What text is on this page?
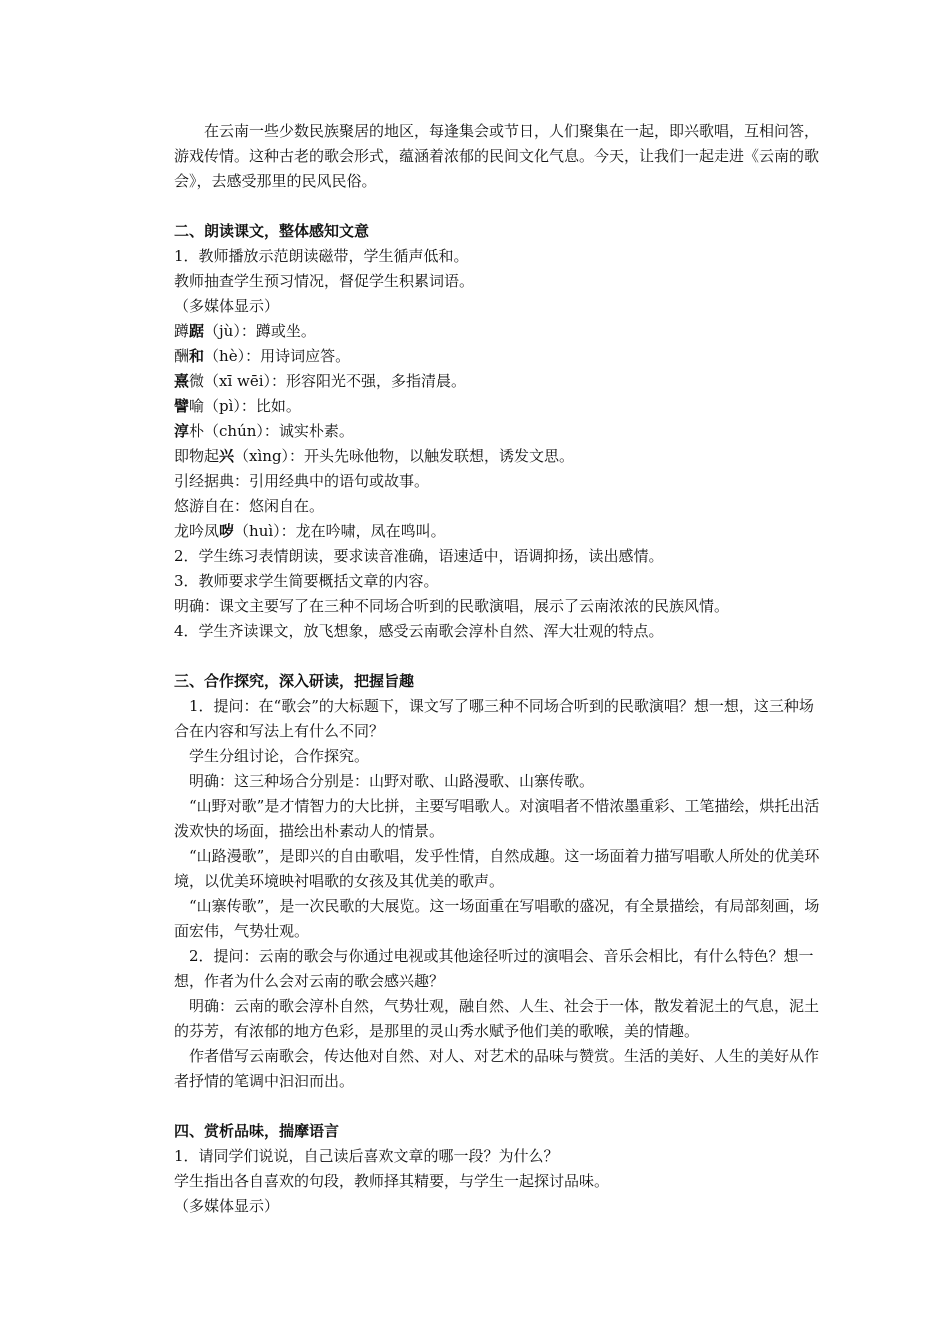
在云南一些少数民族聚居的地区，每逢集会或节日，人们聚集在一起，即兴歌唱，互相问答，游戏传情。这种古老的歌会形式，蕴涵着浓郁的民间文化气息。今天，让我们一起走进《云南的歌会》，去感受那里的民风民俗。

二、朗读课文，整体感知文意

1．教师播放示范朗读磁带，学生循声低和。

教师抽查学生预习情况，督促学生积累词语。

（多媒体显示）

蹲踞（jù）：蹲或坐。

酬和（hè）：用诗词应答。

熹微（xī wēi）：形容阳光不强，多指清晨。

譬喻（pì）：比如。

淳朴（chún）：诚实朴素。

即物起兴（xìng）：开头先咏他物，以触发联想，诱发文思。

引经据典：引用经典中的语句或故事。

悠游自在：悠闲自在。

龙吟凤哕（huì）：龙在吟啸，凤在鸣叫。

2．学生练习表情朗读，要求读音准确，语速适中，语调抑扬，读出感情。

3．教师要求学生简要概括文章的内容。

明确：课文主要写了在三种不同场合听到的民歌演唱，展示了云南浓浓的民族风情。

4．学生齐读课文，放飞想象，感受云南歌会淳朴自然、浑大壮观的特点。

三、合作探究，深入研读，把握旨趣

1．提问：在“歌会”的大标题下，课文写了哪三种不同场合听到的民歌演唱？想一想，这三种场合在内容和写法上有什么不同？

学生分组讨论，合作探究。

明确：这三种场合分别是：山野对歌、山路漫歌、山寨传歌。

“山野对歌”是才情智力的大比拼，主要写唱歌人。对演唱者不惜浓墨重彩、工笔描绘，烘托出活泼欢快的场面，描绘出朴素动人的情景。

“山路漫歌”，是即兴的自由歌唱，发乎性情，自然成趣。这一场面着力描写唱歌人所处的优美环境，以优美环境映衬唱歌的女孩及其优美的歌声。

“山寨传歌”，是一次民歌的大展览。这一场面重在写唱歌的盛况，有全景描绘，有局部刻画，场面宏伟，气势壮观。

2．提问：云南的歌会与你通过电视或其他途径听过的演唱会、音乐会相比，有什么特色？想一想，作者为什么会对云南的歌会感兴趣？

明确：云南的歌会淳朴自然，气势壮观，融自然、人生、社会于一体，散发着泥土的气息，泥土的芬芳，有浓郁的地方色彩，是那里的灵山秀水赋予他们美的歌喉，美的情趣。

作者借写云南歌会，传达他对自然、对人、对艺术的品味与赞赏。生活的美好、人生的美好从作者抒情的笔调中汩汩而出。

四、赏析品味，揣摩语言

1．请同学们说说，自己读后喜欢文章的哪一段？为什么？

学生指出各自喜欢的句段，教师择其精要，与学生一起探讨品味。

（多媒体显示）
